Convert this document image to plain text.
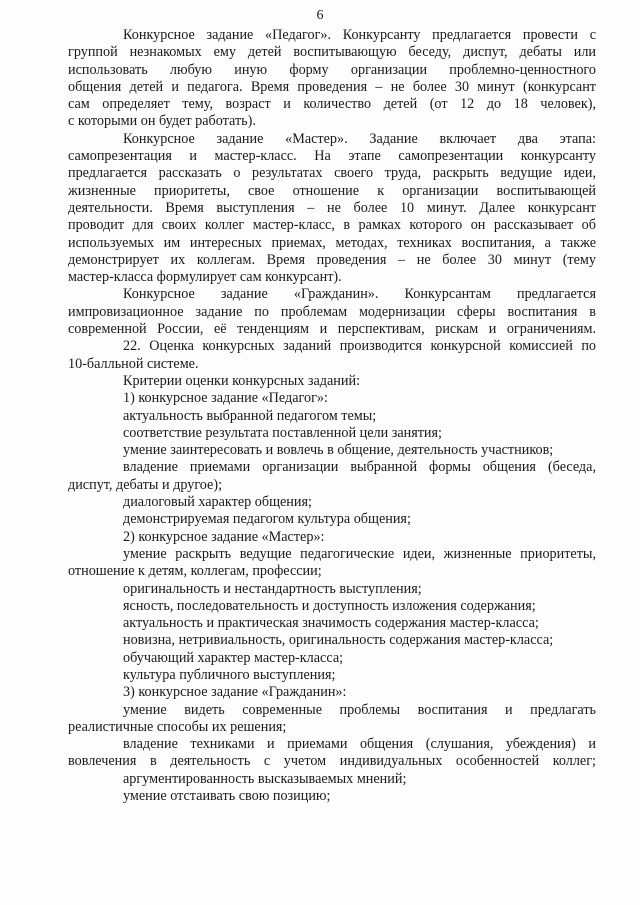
6

Конкурсное задание «Педагог». Конкурсанту предлагается провести с

группой незнакомых ему детей воспитывающую беседу, диспут, дебаты или

использовать любую иную форму организации проблемно-ценностного

общения детей и педагога. Время проведения – не более 30 минут (конкурсант

сам определяет тему, возраст и количество детей (от 12 до 18 человек),

с которыми он будет работать).

Конкурсное задание «Мастер». Задание включает два этапа:

самопрезентация и мастер-класс. На этапе самопрезентации конкурсанту

предлагается рассказать о результатах своего труда, раскрыть ведущие идеи,

жизненные приоритеты, свое отношение к организации воспитывающей

деятельности. Время выступления – не более 10 минут. Далее конкурсант

проводит для своих коллег мастер-класс, в рамках которого он рассказывает об

используемых им интересных приемах, методах, техниках воспитания, а также

демонстрирует их коллегам. Время проведения – не более 30 минут (тему

мастер-класса формулирует сам конкурсант).

Конкурсное задание «Гражданин». Конкурсантам предлагается

импровизационное задание по проблемам модернизации сферы воспитания в

современной России, её тенденциям и перспективам, рискам и ограничениям.

22. Оценка конкурсных заданий производится конкурсной комиссией по

10-балльной системе.

Критерии оценки конкурсных заданий:

1) конкурсное задание «Педагог»:

актуальность выбранной педагогом темы;

соответствие результата поставленной цели занятия;

умение заинтересовать и вовлечь в общение, деятельность участников;

владение приемами организации выбранной формы общения (беседа,

диспут, дебаты и другое);

диалоговый характер общения;

демонстрируемая педагогом культура общения;

2) конкурсное задание «Мастер»:

умение раскрыть ведущие педагогические идеи, жизненные приоритеты,

отношение к детям, коллегам, профессии;

оригинальность и нестандартность выступления;

ясность, последовательность и доступность изложения содержания;

актуальность и практическая значимость содержания мастер-класса;

новизна, нетривиальность, оригинальность содержания мастер-класса;

обучающий характер мастер-класса;

культура публичного выступления;

3) конкурсное задание «Гражданин»:

умение видеть современные проблемы воспитания и предлагать

реалистичные способы их решения;

владение техниками и приемами общения (слушания, убеждения) и

вовлечения в деятельность с учетом индивидуальных особенностей коллег;

аргументированность высказываемых мнений;

умение отстаивать свою позицию;
